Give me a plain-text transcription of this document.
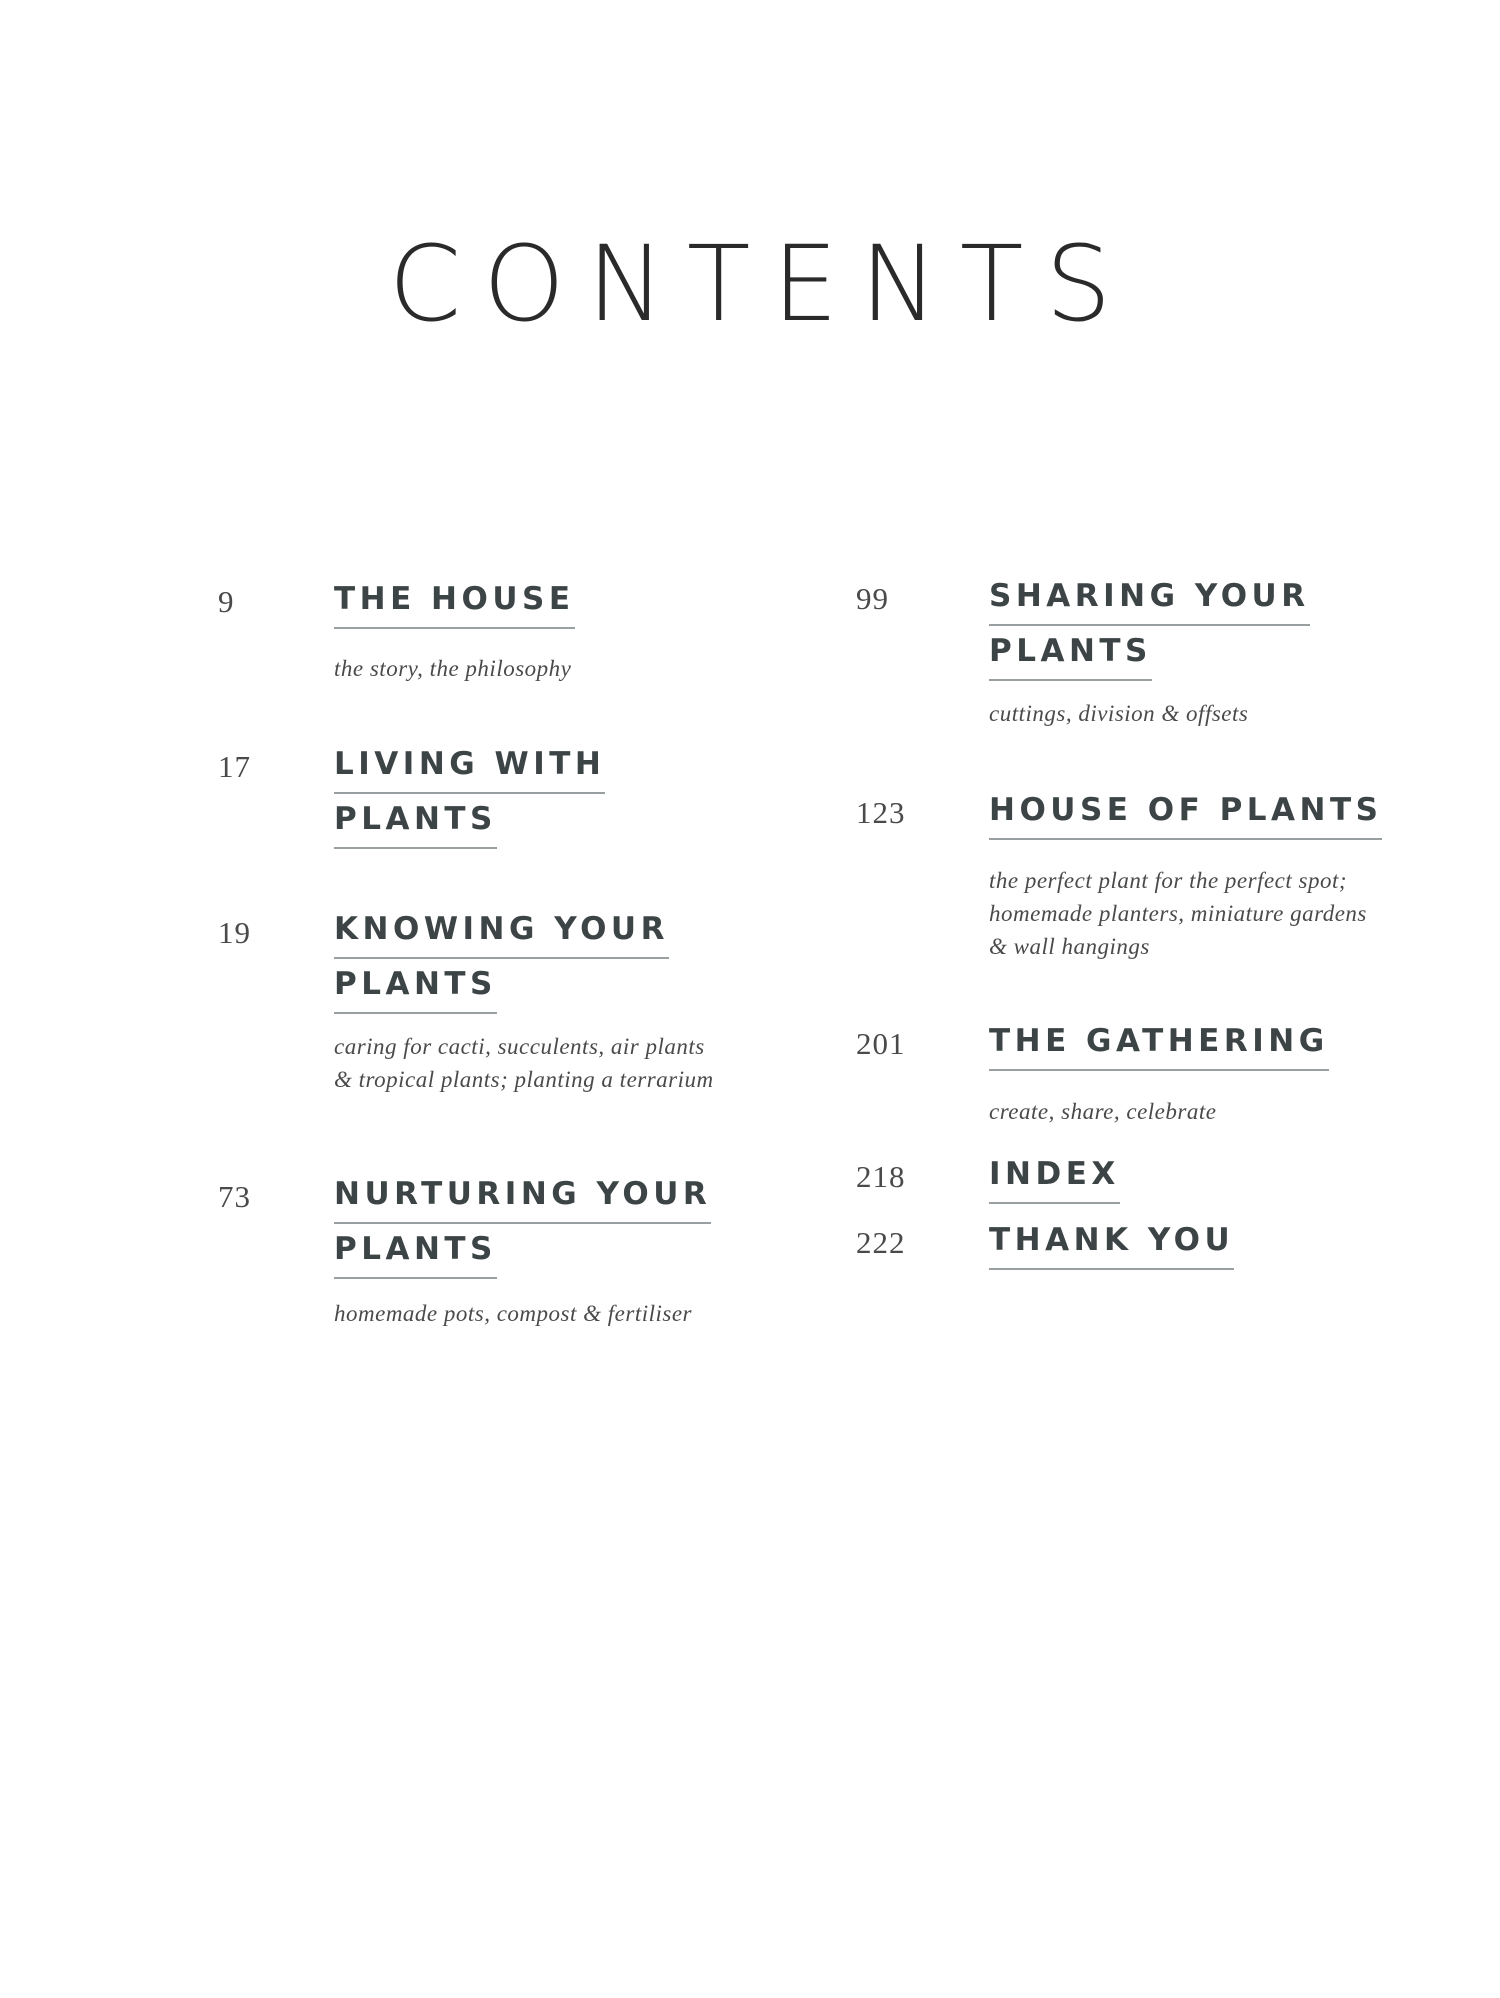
CONTENTS
9	THE HOUSE
the story, the philosophy
17	LIVING WITH
PLANTS
19	KNOWING YOUR
PLANTS
caring for cacti, succulents, air plants & tropical plants; planting a terrarium
73	NURTURING YOUR
PLANTS
homemade pots, compost & fertiliser
99	SHARING YOUR
PLANTS
cuttings, division & offsets
123	HOUSE OF PLANTS
the perfect plant for the perfect spot; homemade planters, miniature gardens & wall hangings
201	THE GATHERING
create, share, celebrate
218	INDEX
222	THANK YOU
